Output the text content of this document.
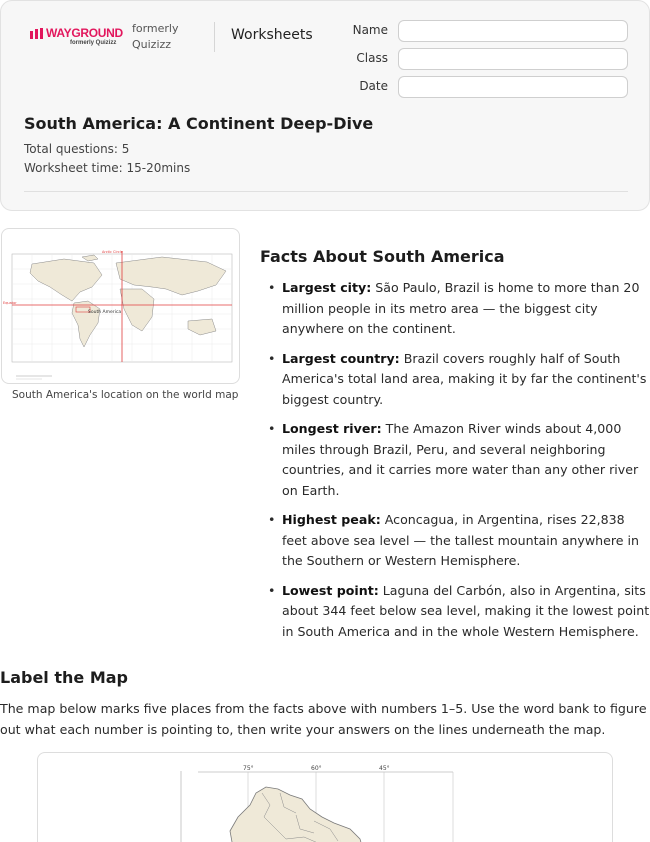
WAYGROUND
formerly Quizizz
formerly Quizizz
Worksheets	Name
Class
Date
South America: A Continent Deep-Dive
Total questions: 5
Worksheet time: 15-20mins
South America
Equator
Arctic Circle
South America's location on the world map
Facts About South America
• Largest city: São Paulo, Brazil is home to more than 20 million people in its metro area — the biggest city anywhere on the continent.
• Largest country: Brazil covers roughly half of South America's total land area, making it by far the continent's biggest country.
• Longest river: The Amazon River winds about 4,000 miles through Brazil, Peru, and several neighboring countries, and it carries more water than any other river on Earth.
• Highest peak: Aconcagua, in Argentina, rises 22,838 feet above sea level — the tallest mountain anywhere in the Southern or Western Hemisphere.
• Lowest point: Laguna del Carbón, also in Argentina, sits about 344 feet below sea level, making it the lowest point in South America and in the whole Western Hemisphere.
Label the Map
The map below marks five places from the facts above with numbers 1–5. Use the word bank to figure out what each number is pointing to, then write your answers on the lines underneath the map.
75°	60°	45°
